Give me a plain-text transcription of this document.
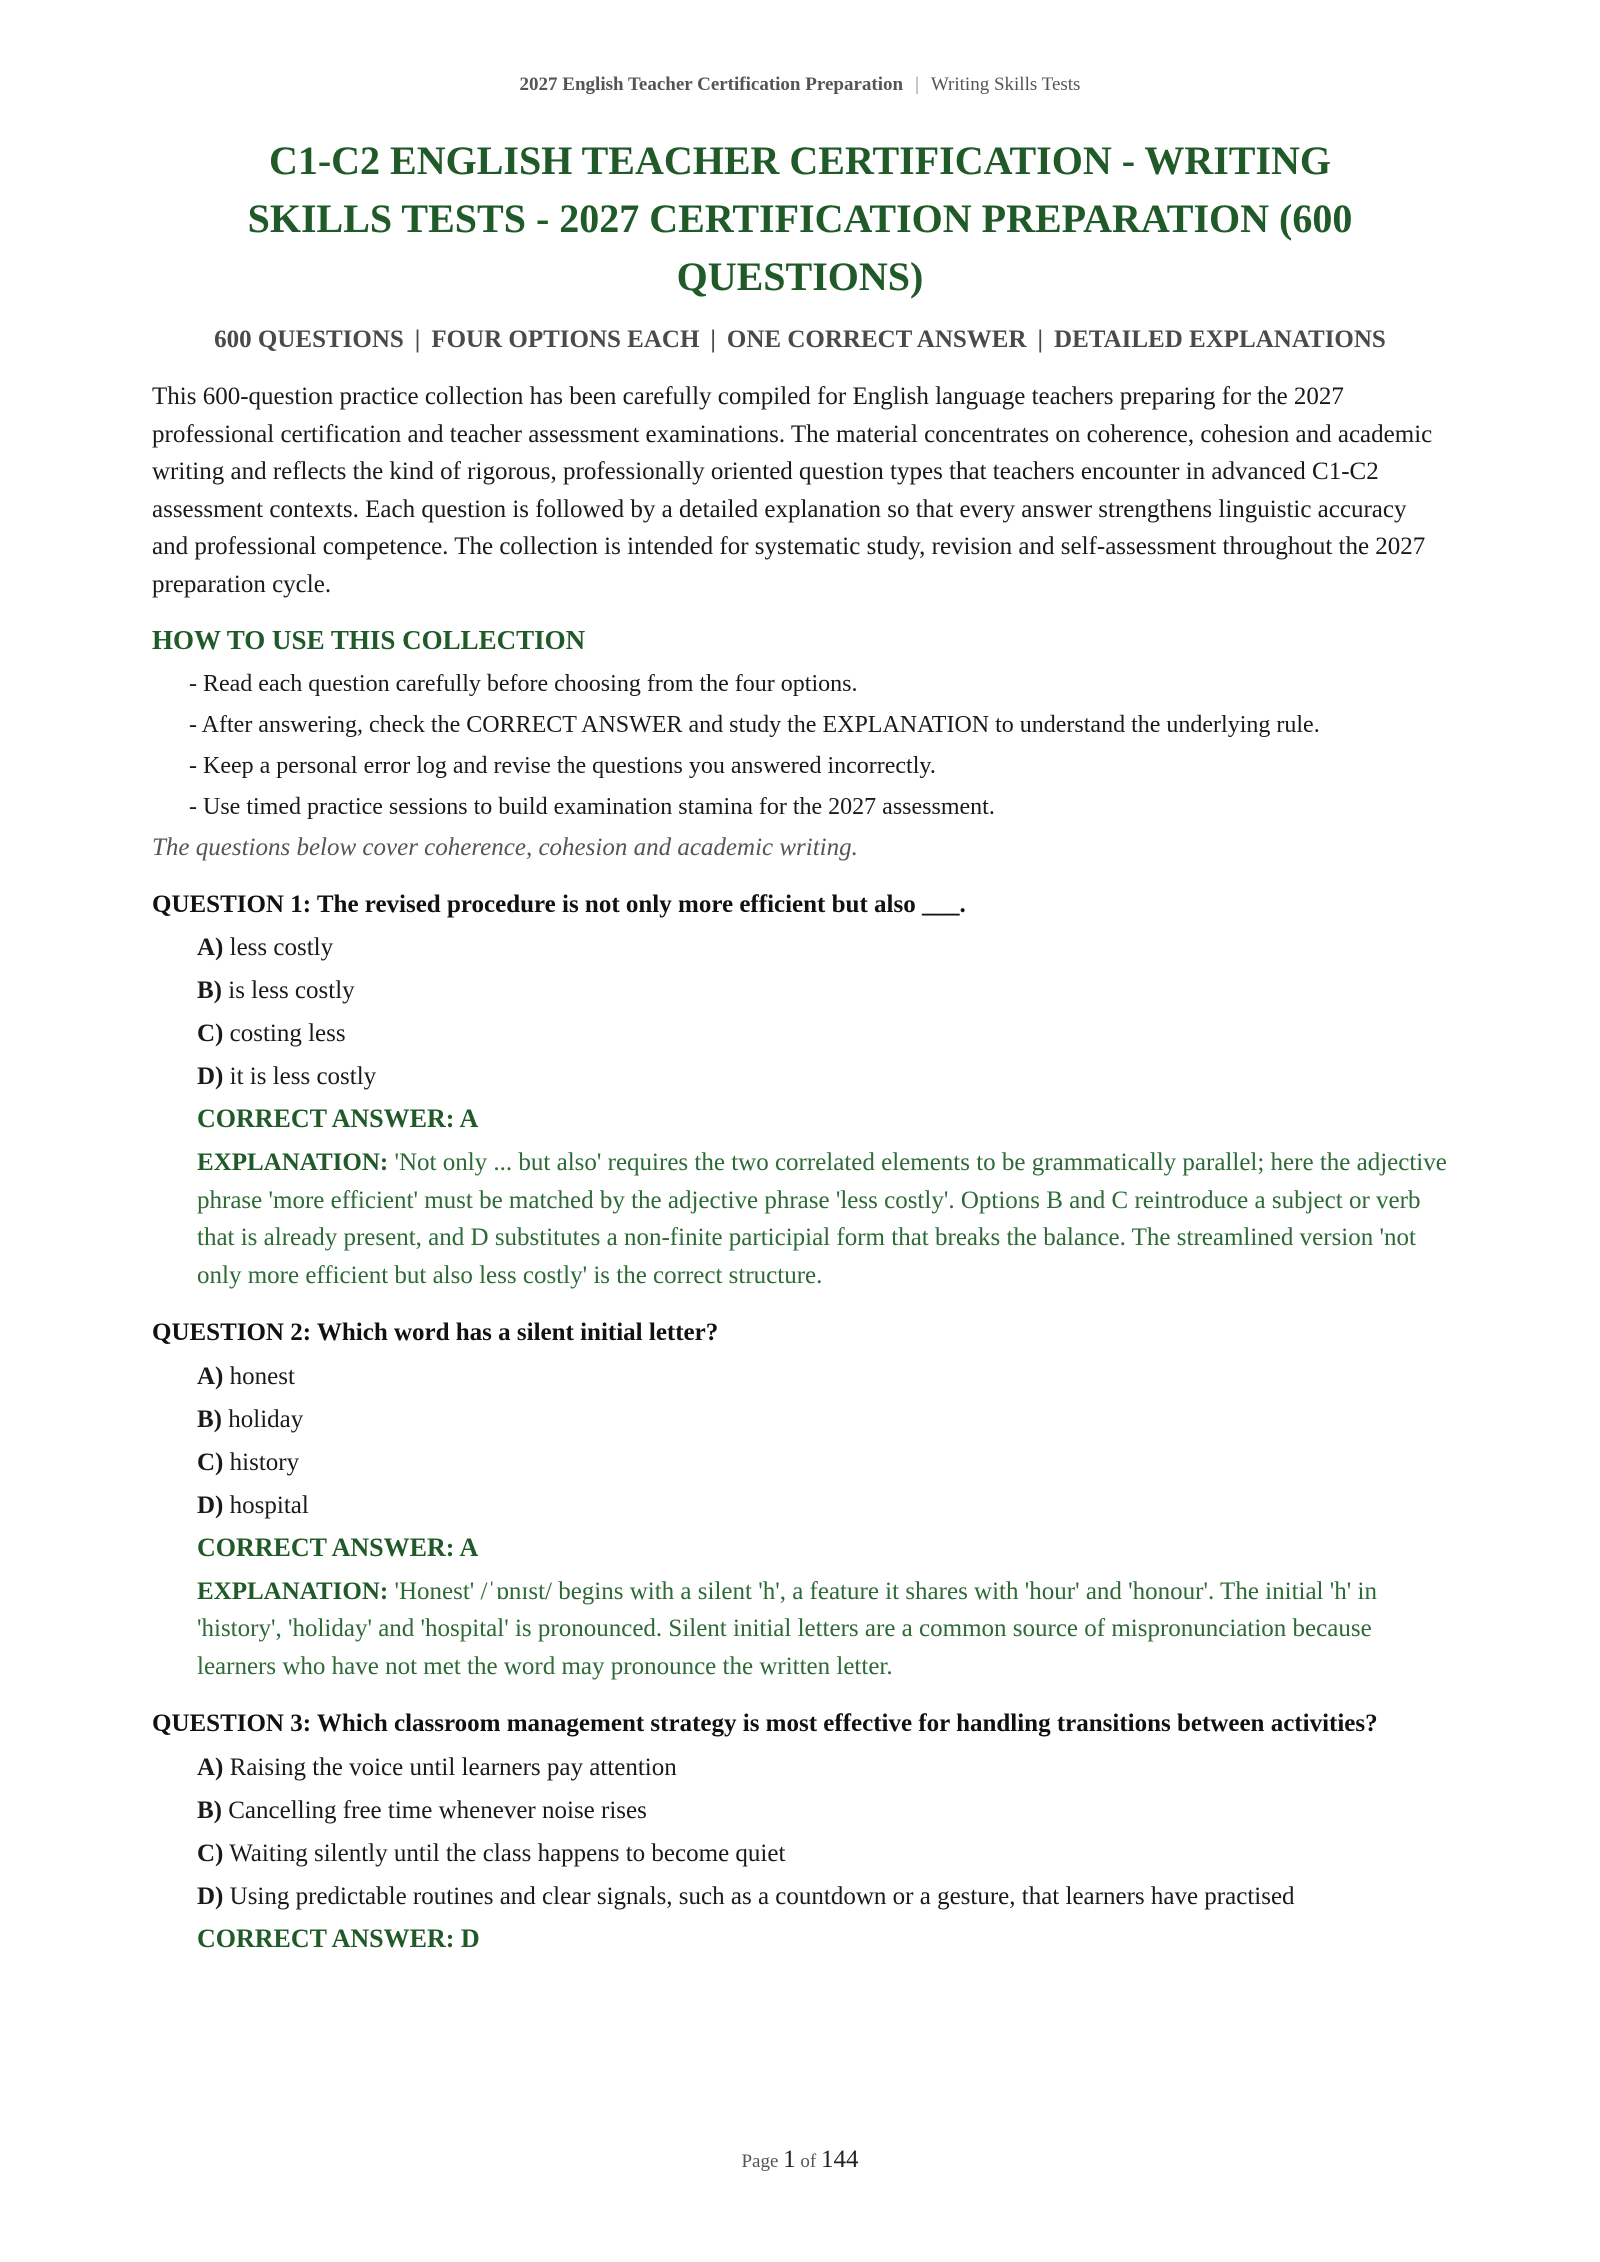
2027 English Teacher Certification Preparation | Writing Skills Tests
C1-C2 ENGLISH TEACHER CERTIFICATION - WRITING SKILLS TESTS - 2027 CERTIFICATION PREPARATION (600 QUESTIONS)
600 QUESTIONS | FOUR OPTIONS EACH | ONE CORRECT ANSWER | DETAILED EXPLANATIONS

This 600-question practice collection has been carefully compiled for English language teachers preparing for the 2027 professional certification and teacher assessment examinations. The material concentrates on coherence, cohesion and academic writing and reflects the kind of rigorous, professionally oriented question types that teachers encounter in advanced C1-C2 assessment contexts. Each question is followed by a detailed explanation so that every answer strengthens linguistic accuracy and professional competence. The collection is intended for systematic study, revision and self-assessment throughout the 2027 preparation cycle.

HOW TO USE THIS COLLECTION
- Read each question carefully before choosing from the four options.
- After answering, check the CORRECT ANSWER and study the EXPLANATION to understand the underlying rule.
- Keep a personal error log and revise the questions you answered incorrectly.
- Use timed practice sessions to build examination stamina for the 2027 assessment.
The questions below cover coherence, cohesion and academic writing.
QUESTION 1: The revised procedure is not only more efficient but also ___.
A) less costly
B) is less costly
C) costing less
D) it is less costly
CORRECT ANSWER: A
EXPLANATION: 'Not only ... but also' requires the two correlated elements to be grammatically parallel; here the adjective phrase 'more efficient' must be matched by the adjective phrase 'less costly'. Options B and C reintroduce a subject or verb that is already present, and D substitutes a non-finite participial form that breaks the balance. The streamlined version 'not only more efficient but also less costly' is the correct structure.
QUESTION 2: Which word has a silent initial letter?
A) honest
B) holiday
C) history
D) hospital
CORRECT ANSWER: A
EXPLANATION: 'Honest' /ˈɒnɪst/ begins with a silent 'h', a feature it shares with 'hour' and 'honour'. The initial 'h' in 'history', 'holiday' and 'hospital' is pronounced. Silent initial letters are a common source of mispronunciation because learners who have not met the word may pronounce the written letter.
QUESTION 3: Which classroom management strategy is most effective for handling transitions between activities?
A) Raising the voice until learners pay attention
B) Cancelling free time whenever noise rises
C) Waiting silently until the class happens to become quiet
D) Using predictable routines and clear signals, such as a countdown or a gesture, that learners have practised
CORRECT ANSWER: D
Page 1 of 144
